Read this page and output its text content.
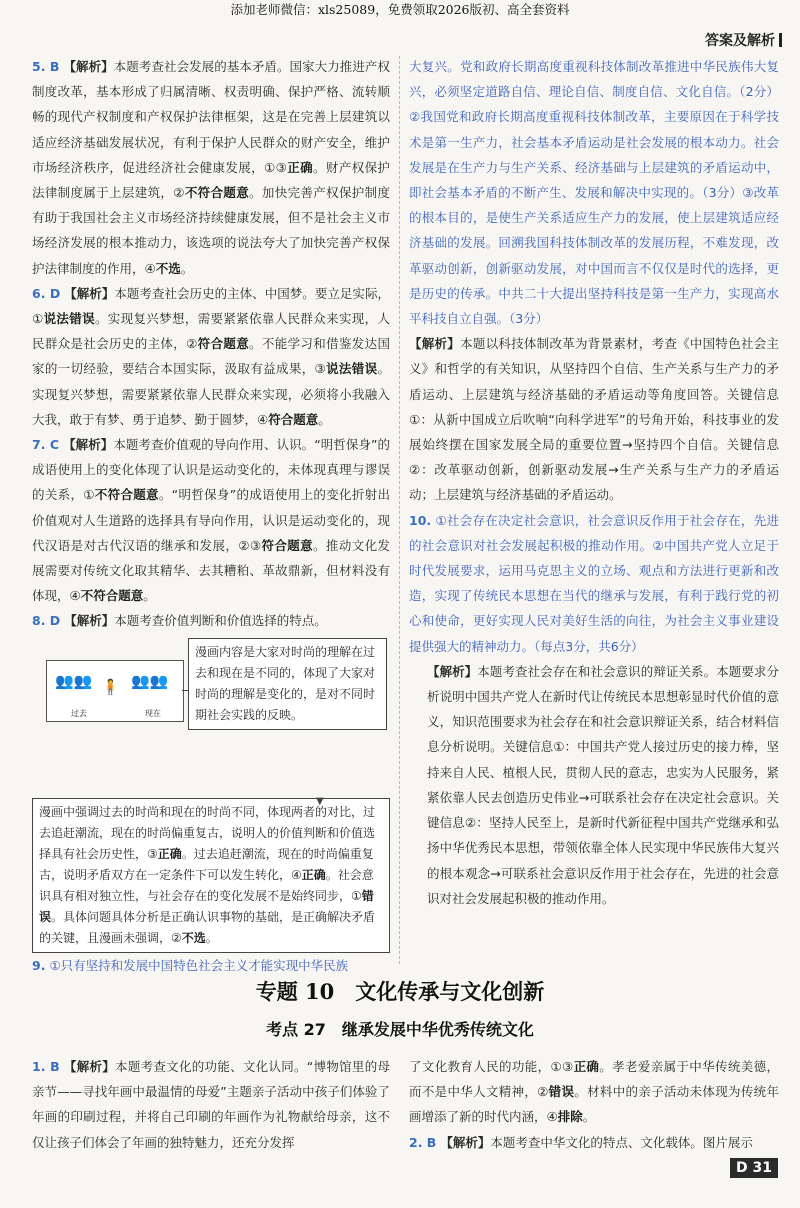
添加老师微信：xls25089，免费领取2026版初、高全套资料
答案及解析

5. B 【解析】本题考查社会发展的基本矛盾。国家大力推进产权制度改革，基本形成了归属清晰、权责明确、保护严格、流转顺畅的现代产权制度和产权保护法律框架，这是在完善上层建筑以适应经济基础发展状况，有利于保护人民群众的财产安全，维护市场经济秩序，促进经济社会健康发展，①③正确。财产权保护法律制度属于上层建筑，②不符合题意。加快完善产权保护制度有助于我国社会主义市场经济持续健康发展，但不是社会主义市场经济发展的根本推动力，该选项的说法夸大了加快完善产权保护法律制度的作用，④不选。

6. D 【解析】本题考查社会历史的主体、中国梦。要立足实际，①说法错误。实现复兴梦想，需要紧紧依靠人民群众来实现，人民群众是社会历史的主体，②符合题意。不能学习和借鉴发达国家的一切经验，要结合本国实际，汲取有益成果，③说法错误。实现复兴梦想，需要紧紧依靠人民群众来实现，必须将小我融入大我，敢于有梦、勇于追梦、勤于圆梦，④符合题意。

7. C 【解析】本题考查价值观的导向作用、认识。“明哲保身”的成语使用上的变化体现了认识是运动变化的，未体现真理与谬误的关系，①不符合题意。“明哲保身”的成语使用上的变化折射出价值观对人生道路的选择具有导向作用，认识是运动变化的，现代汉语是对古代汉语的继承和发展，②③符合题意。推动文化发展需要对传统文化取其精华、去其糟粕、革故鼎新，但材料没有体现，④不符合题意。

8. D 【解析】本题考查价值判断和价值选择的特点。

👥👥 🧍 👥👥
过去	现在
漫画内容是大家对时尚的理解在过去和现在是不同的，体现了大家对时尚的理解是变化的，是对不同时期社会实践的反映。
▼
漫画中强调过去的时尚和现在的时尚不同，体现两者的对比，过去追赶潮流，现在的时尚偏重复古，说明人的价值判断和价值选择具有社会历史性，③正确。过去追赶潮流，现在的时尚偏重复古，说明矛盾双方在一定条件下可以发生转化，④正确。社会意识具有相对独立性，与社会存在的变化发展不是始终同步，①错误。具体问题具体分析是正确认识事物的基础，是正确解决矛盾的关键，且漫画未强调，②不选。

9. ①只有坚持和发展中国特色社会主义才能实现中华民族

大复兴。党和政府长期高度重视科技体制改革推进中华民族伟大复兴，必须坚定道路自信、理论自信、制度自信、文化自信。（2分）②我国党和政府长期高度重视科技体制改革，主要原因在于科学技术是第一生产力，社会基本矛盾运动是社会发展的根本动力。社会发展是在生产力与生产关系、经济基础与上层建筑的矛盾运动中，即社会基本矛盾的不断产生、发展和解决中实现的。（3分）③改革的根本目的，是使生产关系适应生产力的发展，使上层建筑适应经济基础的发展。回溯我国科技体制改革的发展历程，不难发现，改革驱动创新，创新驱动发展，对中国而言不仅仅是时代的选择，更是历史的传承。中共二十大提出坚持科技是第一生产力，实现高水平科技自立自强。（3分）

【解析】本题以科技体制改革为背景素材，考查《中国特色社会主义》和哲学的有关知识，从坚持四个自信、生产关系与生产力的矛盾运动、上层建筑与经济基础的矛盾运动等角度回答。关键信息①：从新中国成立后吹响“向科学进军”的号角开始，科技事业的发展始终摆在国家发展全局的重要位置→坚持四个自信。关键信息②：改革驱动创新，创新驱动发展→生产关系与生产力的矛盾运动；上层建筑与经济基础的矛盾运动。

10. ①社会存在决定社会意识，社会意识反作用于社会存在，先进的社会意识对社会发展起积极的推动作用。②中国共产党人立足于时代发展要求，运用马克思主义的立场、观点和方法进行更新和改造，实现了传统民本思想在当代的继承与发展，有利于践行党的初心和使命，更好实现人民对美好生活的向往，为社会主义事业建设提供强大的精神动力。（每点3分，共6分）

【解析】本题考查社会存在和社会意识的辩证关系。本题要求分析说明中国共产党人在新时代让传统民本思想彰显时代价值的意义，知识范围要求为社会存在和社会意识辩证关系，结合材料信息分析说明。关键信息①：中国共产党人接过历史的接力棒，坚持来自人民、植根人民，贯彻人民的意志，忠实为人民服务，紧紧依靠人民去创造历史伟业→可联系社会存在决定社会意识。关键信息②：坚持人民至上，是新时代新征程中国共产党继承和弘扬中华优秀民本思想，带领依靠全体人民实现中华民族伟大复兴的根本观念→可联系社会意识反作用于社会存在，先进的社会意识对社会发展起积极的推动作用。

专题 10　文化传承与文化创新
考点 27　继承发展中华优秀传统文化

1. B 【解析】本题考查文化的功能、文化认同。“博物馆里的母亲节——寻找年画中最温情的母爱”主题亲子活动中孩子们体验了年画的印刷过程，并将自己印刷的年画作为礼物献给母亲，这不仅让孩子们体会了年画的独特魅力，还充分发挥

了文化教育人民的功能，①③正确。孝老爱亲属于中华传统美德，而不是中华人文精神，②错误。材料中的亲子活动未体现为传统年画增添了新的时代内涵，④排除。

2. B 【解析】本题考查中华文化的特点、文化载体。图片展示

D 31
